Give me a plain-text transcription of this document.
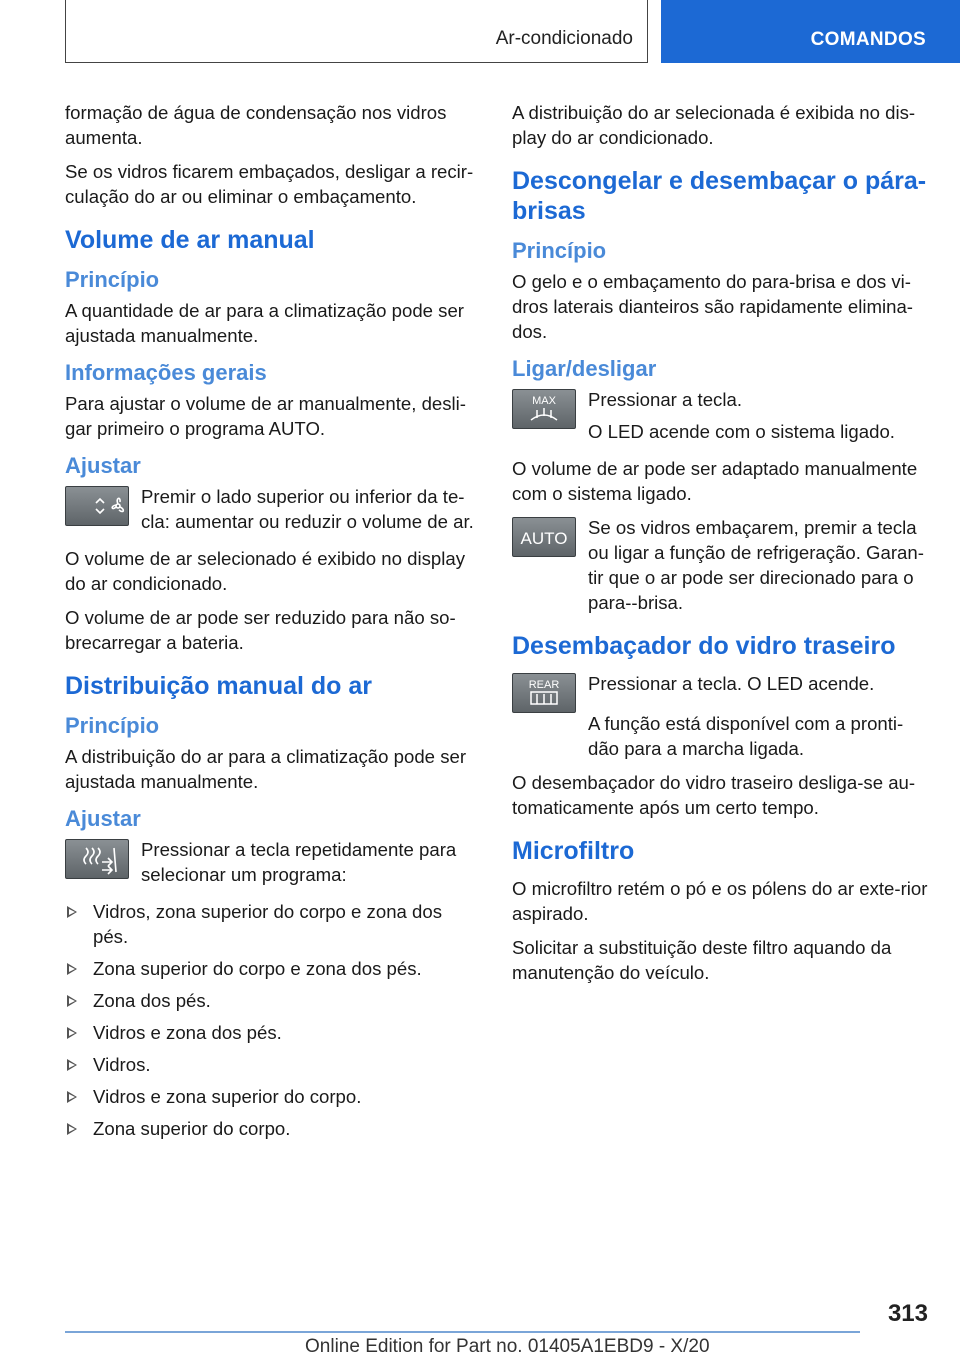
Ar-condicionado	COMANDOS

formação de água de condensação nos vidros aumenta.

Se os vidros ficarem embaçados, desligar a recir-culação do ar ou eliminar o embaçamento.

Volume de ar manual
Princípio

A quantidade de ar para a climatização pode ser ajustada manualmente.

Informações gerais

Para ajustar o volume de ar manualmente, desli-gar primeiro o programa AUTO.

Ajustar

Premir o lado superior ou inferior da te-cla: aumentar ou reduzir o volume de ar.

O volume de ar selecionado é exibido no display do ar condicionado.

O volume de ar pode ser reduzido para não so-brecarregar a bateria.

Distribuição manual do ar
Princípio

A distribuição do ar para a climatização pode ser ajustada manualmente.

Ajustar

Pressionar a tecla repetidamente para selecionar um programa:

Vidros, zona superior do corpo e zona dos pés.
Zona superior do corpo e zona dos pés.
Zona dos pés.
Vidros e zona dos pés.
Vidros.
Vidros e zona superior do corpo.
Zona superior do corpo.

A distribuição do ar selecionada é exibida no dis-play do ar condicionado.

Descongelar e desembaçar o pára-brisas
Princípio

O gelo e o embaçamento do para-brisa e dos vi-dros laterais dianteiros são rapidamente elimina-dos.

Ligar/desligar
MAX Pressionar a tecla.

O LED acende com o sistema ligado.

O volume de ar pode ser adaptado manualmente com o sistema ligado.

AUTO

Se os vidros embaçarem, premir a tecla ou ligar a função de refrigeração. Garan-tir que o ar pode ser direcionado para o para--brisa.

Desembaçador do vidro traseiro
REAR Pressionar a tecla. O LED acende.

A função está disponível com a pronti-dão para a marcha ligada.

O desembaçador do vidro traseiro desliga-se au-tomaticamente após um certo tempo.

Microfiltro

O microfiltro retém o pó e os pólens do ar exte-rior aspirado.

Solicitar a substituição deste filtro aquando da manutenção do veículo.

313
Online Edition for Part no. 01405A1EBD9 - X/20
